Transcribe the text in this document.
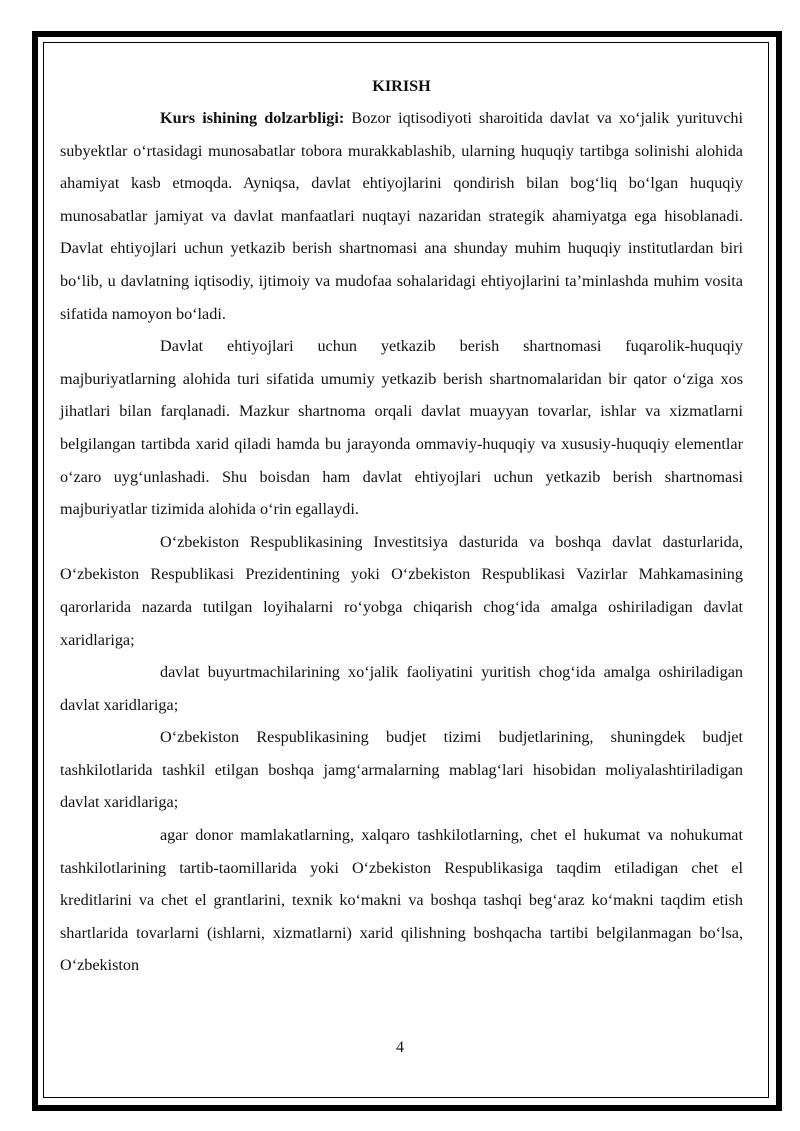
KIRISH

Kurs ishining dolzarbligi: Bozor iqtisodiyoti sharoitida davlat va xo‘jalik yurituvchi subyektlar o‘rtasidagi munosabatlar tobora murakkablashib, ularning huquqiy tartibga solinishi alohida ahamiyat kasb etmoqda. Ayniqsa, davlat ehtiyojlarini qondirish bilan bog‘liq bo‘lgan huquqiy munosabatlar jamiyat va davlat manfaatlari nuqtayi nazaridan strategik ahamiyatga ega hisoblanadi. Davlat ehtiyojlari uchun yetkazib berish shartnomasi ana shunday muhim huquqiy institutlardan biri bo‘lib, u davlatning iqtisodiy, ijtimoiy va mudofaa sohalaridagi ehtiyojlarini ta’minlashda muhim vosita sifatida namoyon bo‘ladi.

Davlat ehtiyojlari uchun yetkazib berish shartnomasi fuqarolik-huquqiy majburiyatlarning alohida turi sifatida umumiy yetkazib berish shartnomalaridan bir qator o‘ziga xos jihatlari bilan farqlanadi. Mazkur shartnoma orqali davlat muayyan tovarlar, ishlar va xizmatlarni belgilangan tartibda xarid qiladi hamda bu jarayonda ommaviy-huquqiy va xususiy-huquqiy elementlar o‘zaro uyg‘unlashadi. Shu boisdan ham davlat ehtiyojlari uchun yetkazib berish shartnomasi majburiyatlar tizimida alohida o‘rin egallaydi.

O‘zbekiston Respublikasining Investitsiya dasturida va boshqa davlat dasturlarida, O‘zbekiston Respublikasi Prezidentining yoki O‘zbekiston Respublikasi Vazirlar Mahkamasining qarorlarida nazarda tutilgan loyihalarni ro‘yobga chiqarish chog‘ida amalga oshiriladigan davlat xaridlariga;

davlat buyurtmachilarining xo‘jalik faoliyatini yuritish chog‘ida amalga oshiriladigan davlat xaridlariga;

O‘zbekiston Respublikasining budjet tizimi budjetlarining, shuningdek budjet tashkilotlarida tashkil etilgan boshqa jamg‘armalarning mablag‘lari hisobidan moliyalashtiriladigan davlat xaridlariga;

agar donor mamlakatlarning, xalqaro tashkilotlarning, chet el hukumat va nohukumat tashkilotlarining tartib-taomillarida yoki O‘zbekiston Respublikasiga taqdim etiladigan chet el kreditlarini va chet el grantlarini, texnik ko‘makni va boshqa tashqi beg‘araz ko‘makni taqdim etish shartlarida tovarlarni (ishlarni, xizmatlarni) xarid qilishning boshqacha tartibi belgilanmagan bo‘lsa, O‘zbekiston

4
